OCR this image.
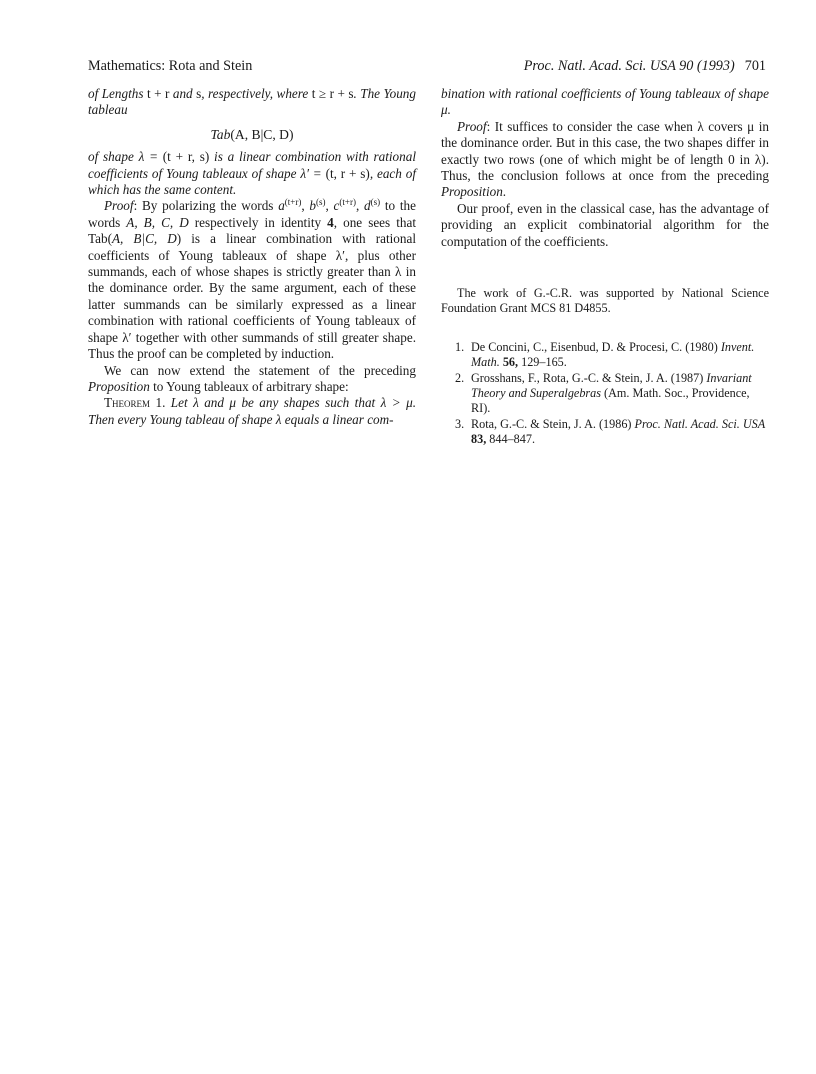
Mathematics: Rota and Stein	Proc. Natl. Acad. Sci. USA 90 (1993) 701

of Lengths t + r and s, respectively, where t ≥ r + s. The Young tableau

Tab(A, B|C, D)

of shape λ = (t + r, s) is a linear combination with rational coefficients of Young tableaux of shape λ′ = (t, r + s), each of which has the same content.

Proof: By polarizing the words $a^{(t+r)}$, $b^{(s)}$, $c^{(t+r)}$, $d^{(s)}$ to the words A, B, C, D respectively in identity 4, one sees that Tab(A, B|C, D) is a linear combination with rational coefficients of Young tableaux of shape λ′, plus other summands, each of whose shapes is strictly greater than λ in the dominance order. By the same argument, each of these latter summands can be similarly expressed as a linear combination with rational coefficients of Young tableaux of shape λ′ together with other summands of still greater shape. Thus the proof can be completed by induction.

We can now extend the statement of the preceding Proposition to Young tableaux of arbitrary shape:

Theorem 1. Let λ and μ be any shapes such that λ > μ. Then every Young tableau of shape λ equals a linear com-

bination with rational coefficients of Young tableaux of shape μ.

Proof: It suffices to consider the case when λ covers μ in the dominance order. But in this case, the two shapes differ in exactly two rows (one of which might be of length 0 in λ). Thus, the conclusion follows at once from the preceding Proposition.

Our proof, even in the classical case, has the advantage of providing an explicit combinatorial algorithm for the computation of the coefficients.

The work of G.-C.R. was supported by National Science Foundation Grant MCS 81 D4855.

1. De Concini, C., Eisenbud, D. & Procesi, C. (1980) Invent. Math. 56, 129–165.
2. Grosshans, F., Rota, G.-C. & Stein, J. A. (1987) Invariant Theory and Superalgebras (Am. Math. Soc., Providence, RI).
3. Rota, G.-C. & Stein, J. A. (1986) Proc. Natl. Acad. Sci. USA 83, 844–847.
